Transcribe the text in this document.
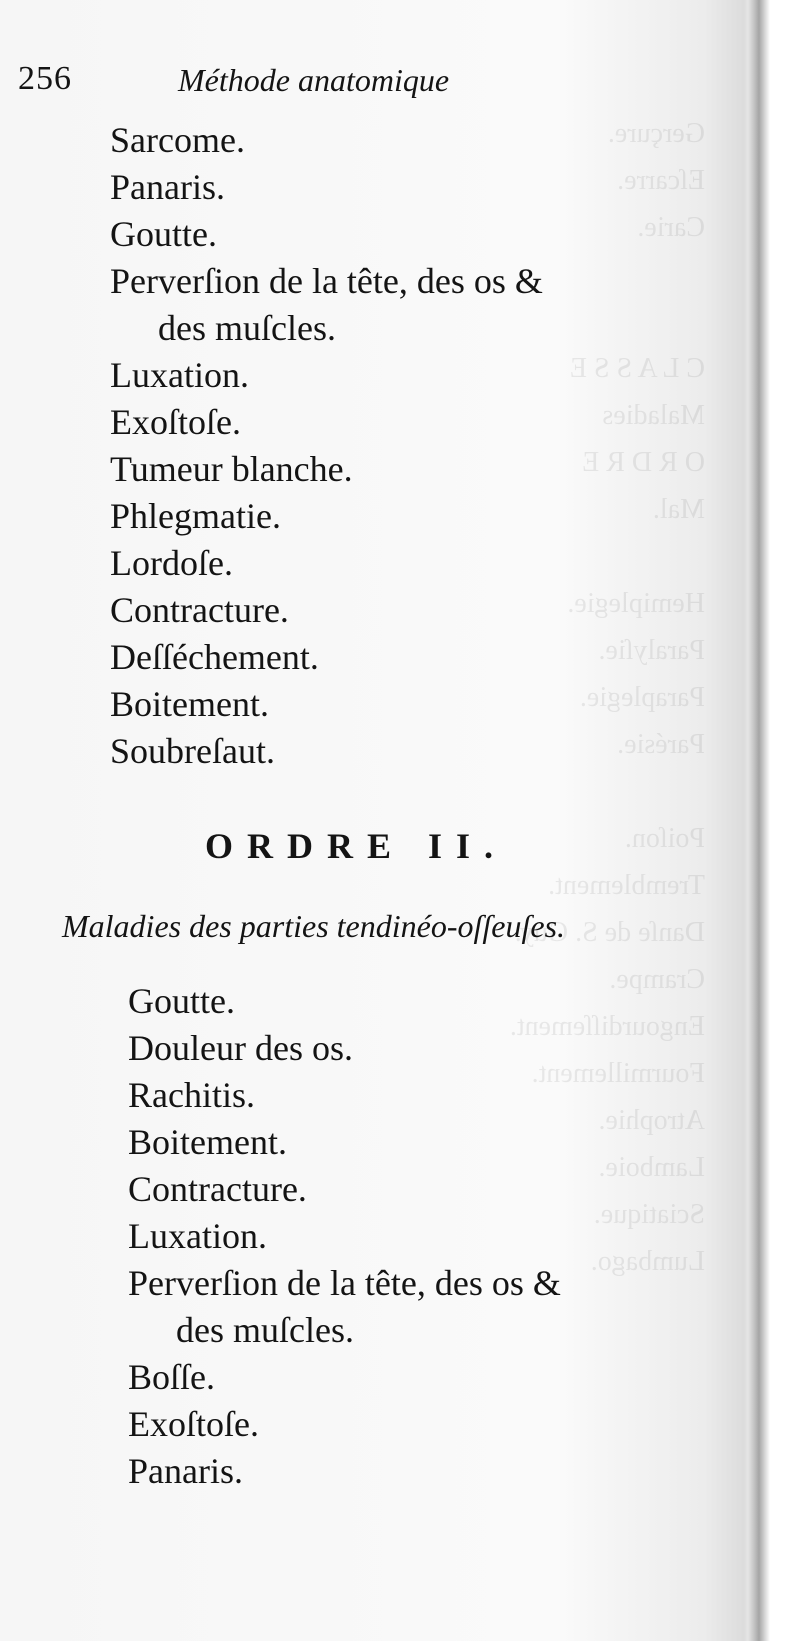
Gerçure.
Eſcarre.
Carie.

C L A S S E
Maladies
O R D R E
Mal.

Hemiplegie.
Paralyſie.
Paraplegie.
Parésie.

Poiſon.
Tremblement.
Danſe de S. Guy.
Crampe.
Engourdiſſement.
Fourmillement.
Atrophie.
Lamboie.
Sciatique.
Lumbago.
256	Méthode anatomique
Sarcome.
Panaris.
Goutte.
Perverſion de la tête, des os &
des muſcles.
Luxation.
Exoſtoſe.
Tumeur blanche.
Phlegmatie.
Lordoſe.
Contracture.
Deſſéchement.
Boitement.
Soubreſaut.
ORDRE II.
Maladies des parties tendinéo-oſſeuſes.
Goutte.
Douleur des os.
Rachitis.
Boitement.
Contracture.
Luxation.
Perverſion de la tête, des os &
des muſcles.
Boſſe.
Exoſtoſe.
Panaris.
